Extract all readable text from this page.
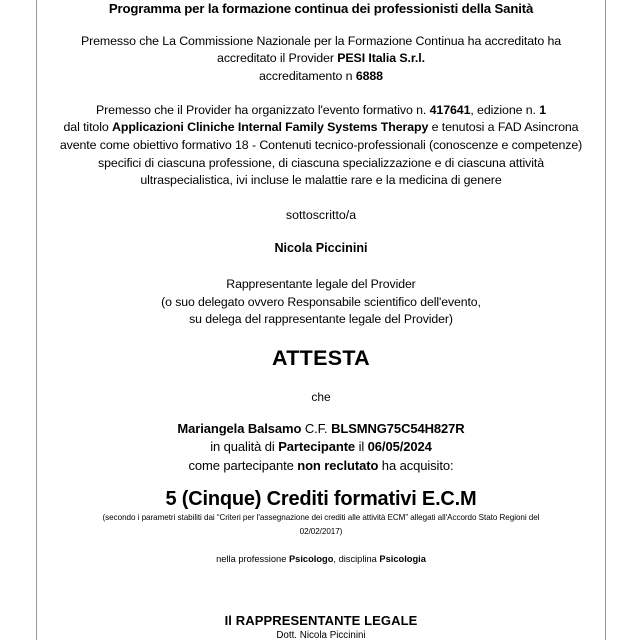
Programma per la formazione continua dei professionisti della Sanità
Premesso che La Commissione Nazionale per la Formazione Continua ha accreditato ha
accreditato il Provider PESI Italia S.r.l.
accreditamento n 6888
Premesso che il Provider ha organizzato l'evento formativo n. 417641, edizione n. 1
dal titolo Applicazioni Cliniche Internal Family Systems Therapy e tenutosi a FAD Asincrona
avente come obiettivo formativo 18 - Contenuti tecnico-professionali (conoscenze e competenze)
specifici di ciascuna professione, di ciascuna specializzazione e di ciascuna attività
ultraspecialistica, ivi incluse le malattie rare e la medicina di genere
sottoscritto/a
Nicola Piccinini
Rappresentante legale del Provider
(o suo delegato ovvero Responsabile scientifico dell'evento,
su delega del rappresentante legale del Provider)
ATTESTA
che
Mariangela Balsamo C.F. BLSMNG75C54H827R
in qualità di Partecipante il 06/05/2024
come partecipante non reclutato ha acquisito:
5 (Cinque) Crediti formativi E.C.M
(secondo i parametri stabiliti dai “Criteri per l'assegnazione dei crediti alle attività ECM” allegati all'Accordo Stato Regioni del
02/02/2017)
nella professione Psicologo, disciplina Psicologia
Il RAPPRESENTANTE LEGALE
Dott. Nicola Piccinini
